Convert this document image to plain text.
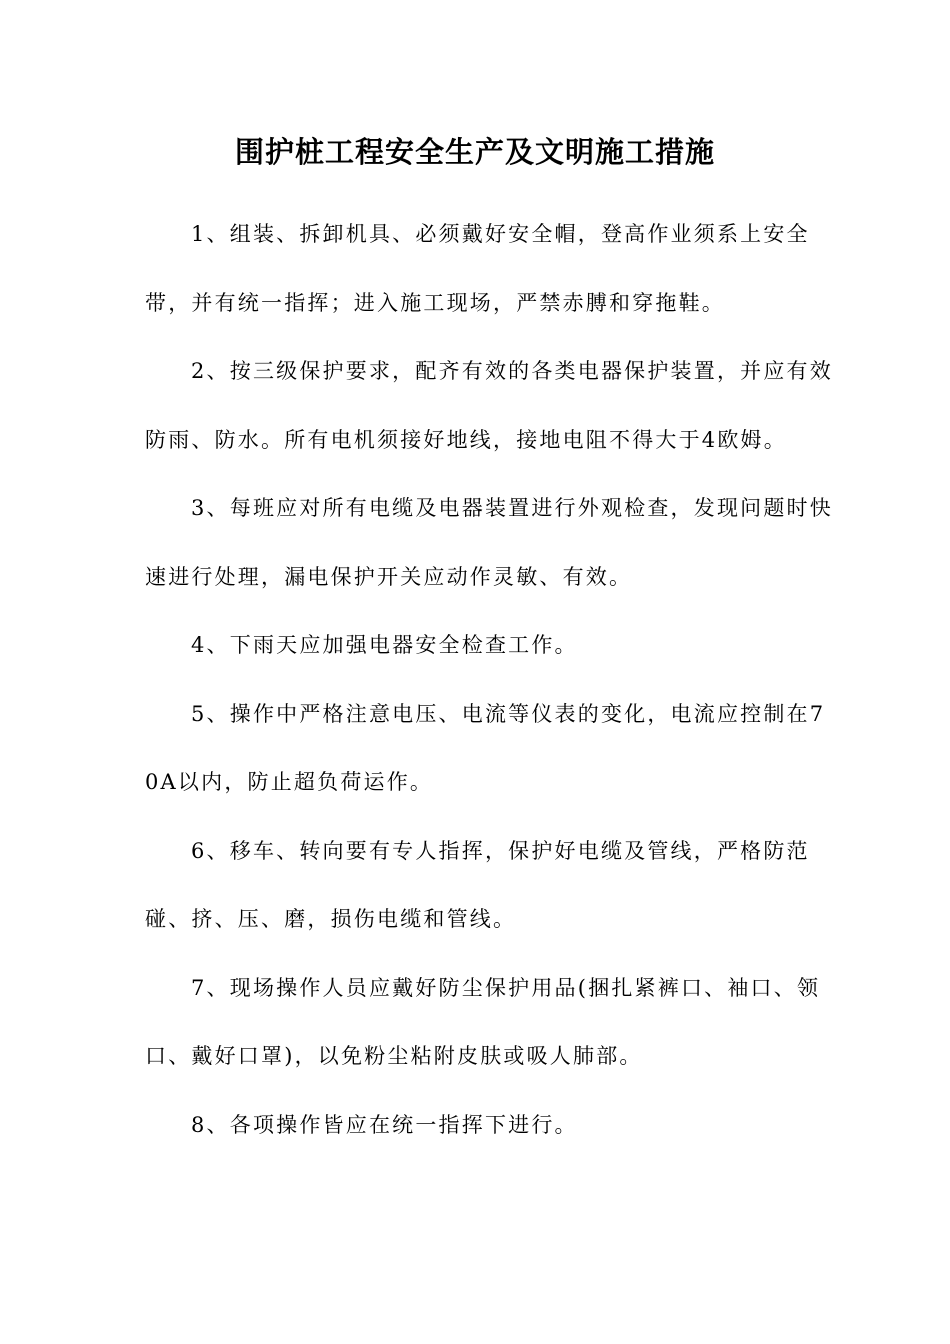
围护桩工程安全生产及文明施工措施

1、组装、拆卸机具、必须戴好安全帽，登高作业须系上安全带，并有统一指挥；进入施工现场，严禁赤膊和穿拖鞋。

2、按三级保护要求，配齐有效的各类电器保护装置，并应有效防雨、防水。所有电机须接好地线，接地电阻不得大于4欧姆。

3、每班应对所有电缆及电器装置进行外观检查，发现问题时快速进行处理，漏电保护开关应动作灵敏、有效。

4、下雨天应加强电器安全检查工作。

5、操作中严格注意电压、电流等仪表的变化，电流应控制在70A以内，防止超负荷运作。

6、移车、转向要有专人指挥，保护好电缆及管线，严格防范碰、挤、压、磨，损伤电缆和管线。

7、现场操作人员应戴好防尘保护用品(捆扎紧裤口、袖口、领口、戴好口罩)，以免粉尘粘附皮肤或吸人肺部。

8、各项操作皆应在统一指挥下进行。
